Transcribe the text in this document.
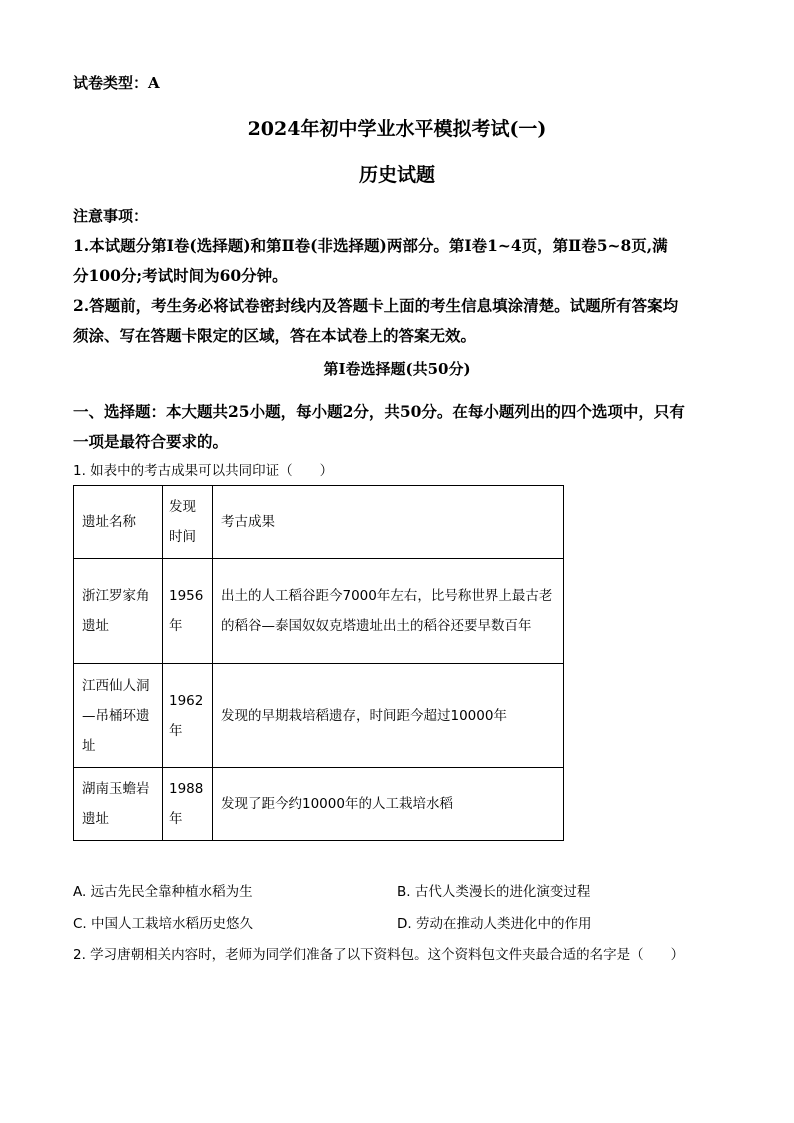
试卷类型：A
2024年初中学业水平模拟考试(一)
历史试题
注意事项：
1.本试题分第Ⅰ卷(选择题)和第Ⅱ卷(非选择题)两部分。第Ⅰ卷1~4页，第Ⅱ卷5~8页,满
分100分;考试时间为60分钟。
2.答题前，考生务必将试卷密封线内及答题卡上面的考生信息填涂清楚。试题所有答案均
须涂、写在答题卡限定的区域，答在本试卷上的答案无效。
第Ⅰ卷选择题(共50分)
一、选择题：本大题共25小题，每小题2分，共50分。在每小题列出的四个选项中，只有
一项是最符合要求的。
1. 如表中的考古成果可以共同印证（　　）
遗址名称	发现时间	考古成果
浙江罗家角遗址	1956年	出土的人工稻谷距今7000年左右，比号称世界上最古老的稻谷—泰国奴奴克塔遗址出土的稻谷还要早数百年
江西仙人洞—吊桶环遗址	1962年	发现的早期栽培稻遗存，时间距今超过10000年
湖南玉蟾岩遗址	1988年	发现了距今约10000年的人工栽培水稻
A. 远古先民全靠种植水稻为生	B. 古代人类漫长的进化演变过程
C. 中国人工栽培水稻历史悠久	D. 劳动在推动人类进化中的作用
2. 学习唐朝相关内容时，老师为同学们准备了以下资料包。这个资料包文件夹最合适的名字是（　　）
